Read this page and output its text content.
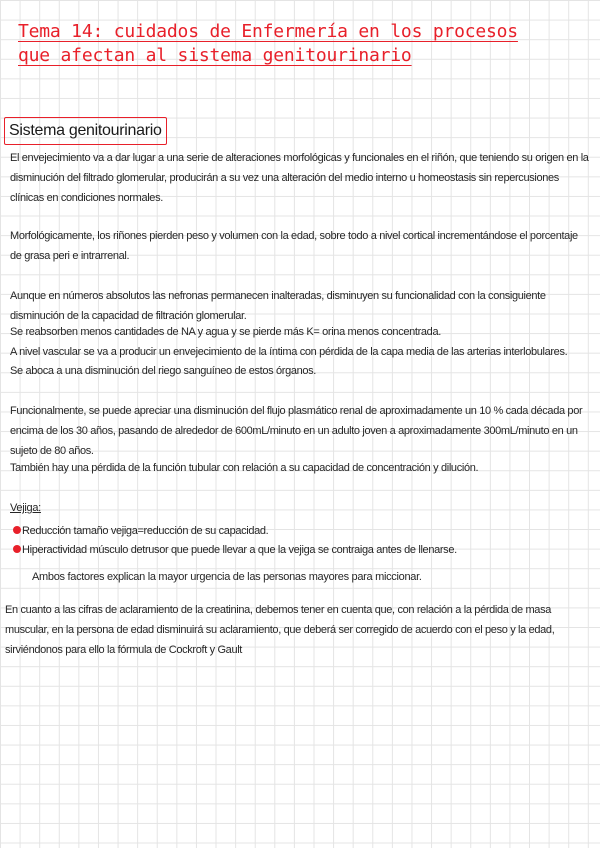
Tema 14: cuidados de Enfermería en los procesos
que afectan al sistema genitourinario
Sistema genitourinario

El envejecimiento va a dar lugar a una serie de alteraciones morfológicas y funcionales en el riñón, que teniendo su origen en la disminución del filtrado glomerular, producirán a su vez una alteración del medio interno u homeostasis sin repercusiones clínicas en condiciones normales.

Morfológicamente, los riñones pierden peso y volumen con la edad, sobre todo a nivel cortical incrementándose el porcentaje de grasa peri e intrarrenal.

Aunque en números absolutos las nefronas permanecen inalteradas, disminuyen su funcionalidad con la consiguiente disminución de la capacidad de filtración glomerular.

Se reabsorben menos cantidades de NA y agua y se pierde más K= orina menos concentrada.

A nivel vascular se va a producir un envejecimiento de la íntima con pérdida de la capa media de las arterias interlobulares.

Se aboca a una disminución del riego sanguíneo de estos órganos.

Funcionalmente, se puede apreciar una disminución del flujo plasmático renal de aproximadamente un 10 % cada década por encima de los 30 años, pasando de alrededor de 600mL/minuto en un adulto joven a aproximadamente 300mL/minuto en un sujeto de 80 años.

También hay una pérdida de la función tubular con relación a su capacidad de concentración y dilución.

Vejiga:

Reducción tamaño vejiga=reducción de su capacidad.
Hiperactividad músculo detrusor que puede llevar a que la vejiga se contraiga antes de llenarse.

Ambos factores explican la mayor urgencia de las personas mayores para miccionar.

En cuanto a las cifras de aclaramiento de la creatinina, debemos tener en cuenta que, con relación a la pérdida de masa muscular, en la persona de edad disminuirá su aclaramiento, que deberá ser corregido de acuerdo con el peso y la edad, sirviéndonos para ello la fórmula de Cockroft y Gault
